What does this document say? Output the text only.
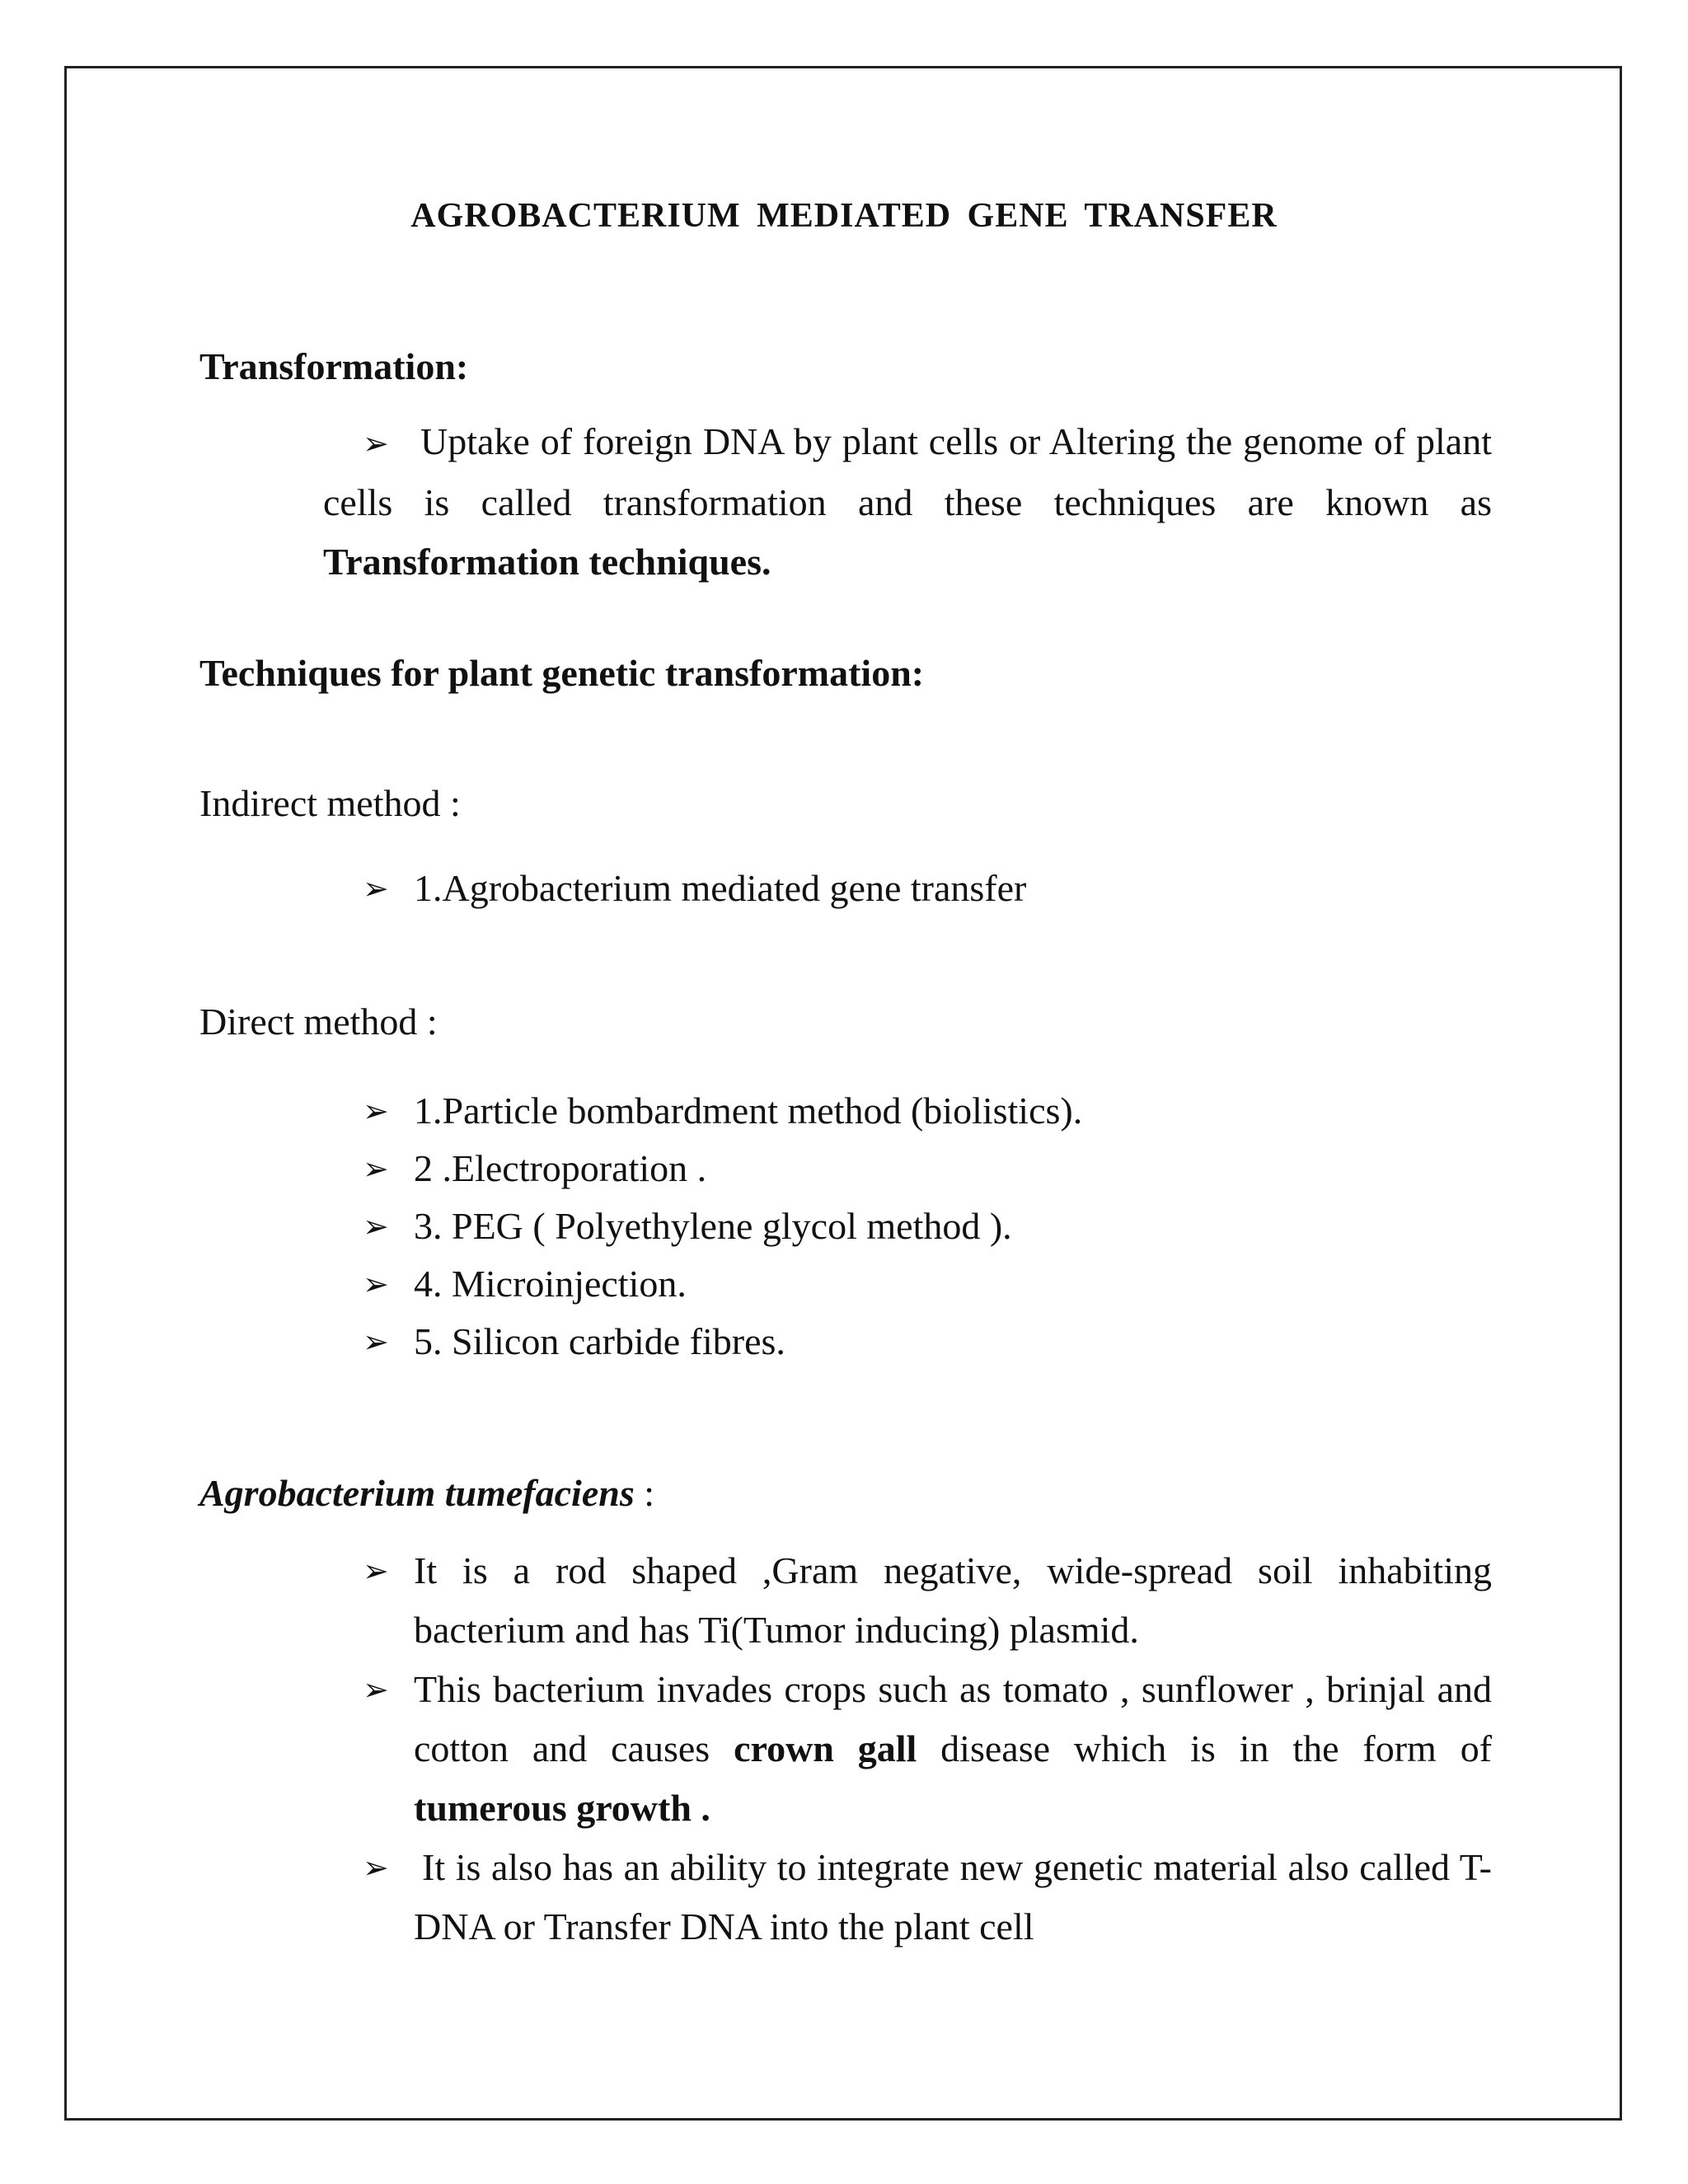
AGROBACTERIUM MEDIATED GENE TRANSFER
Transformation:
➢ Uptake of foreign DNA by plant cells or Altering the genome of plant cells is called transformation and these techniques are known as Transformation techniques.
Techniques for plant genetic transformation:
Indirect method :
➢ 1.Agrobacterium mediated gene transfer
Direct method :
➢ 1.Particle bombardment method (biolistics).
➢ 2 .Electroporation .
➢ 3. PEG ( Polyethylene glycol method ).
➢ 4. Microinjection.
➢ 5. Silicon carbide fibres.
Agrobacterium tumefaciens :
➢ It is a rod shaped ,Gram negative, wide-spread soil inhabiting bacterium and has Ti(Tumor inducing) plasmid.
➢ This bacterium invades crops such as tomato , sunflower , brinjal and cotton and causes crown gall disease which is in the form of tumerous growth .
➢ It is also has an ability to integrate new genetic material also called T-DNA or Transfer DNA into the plant cell
